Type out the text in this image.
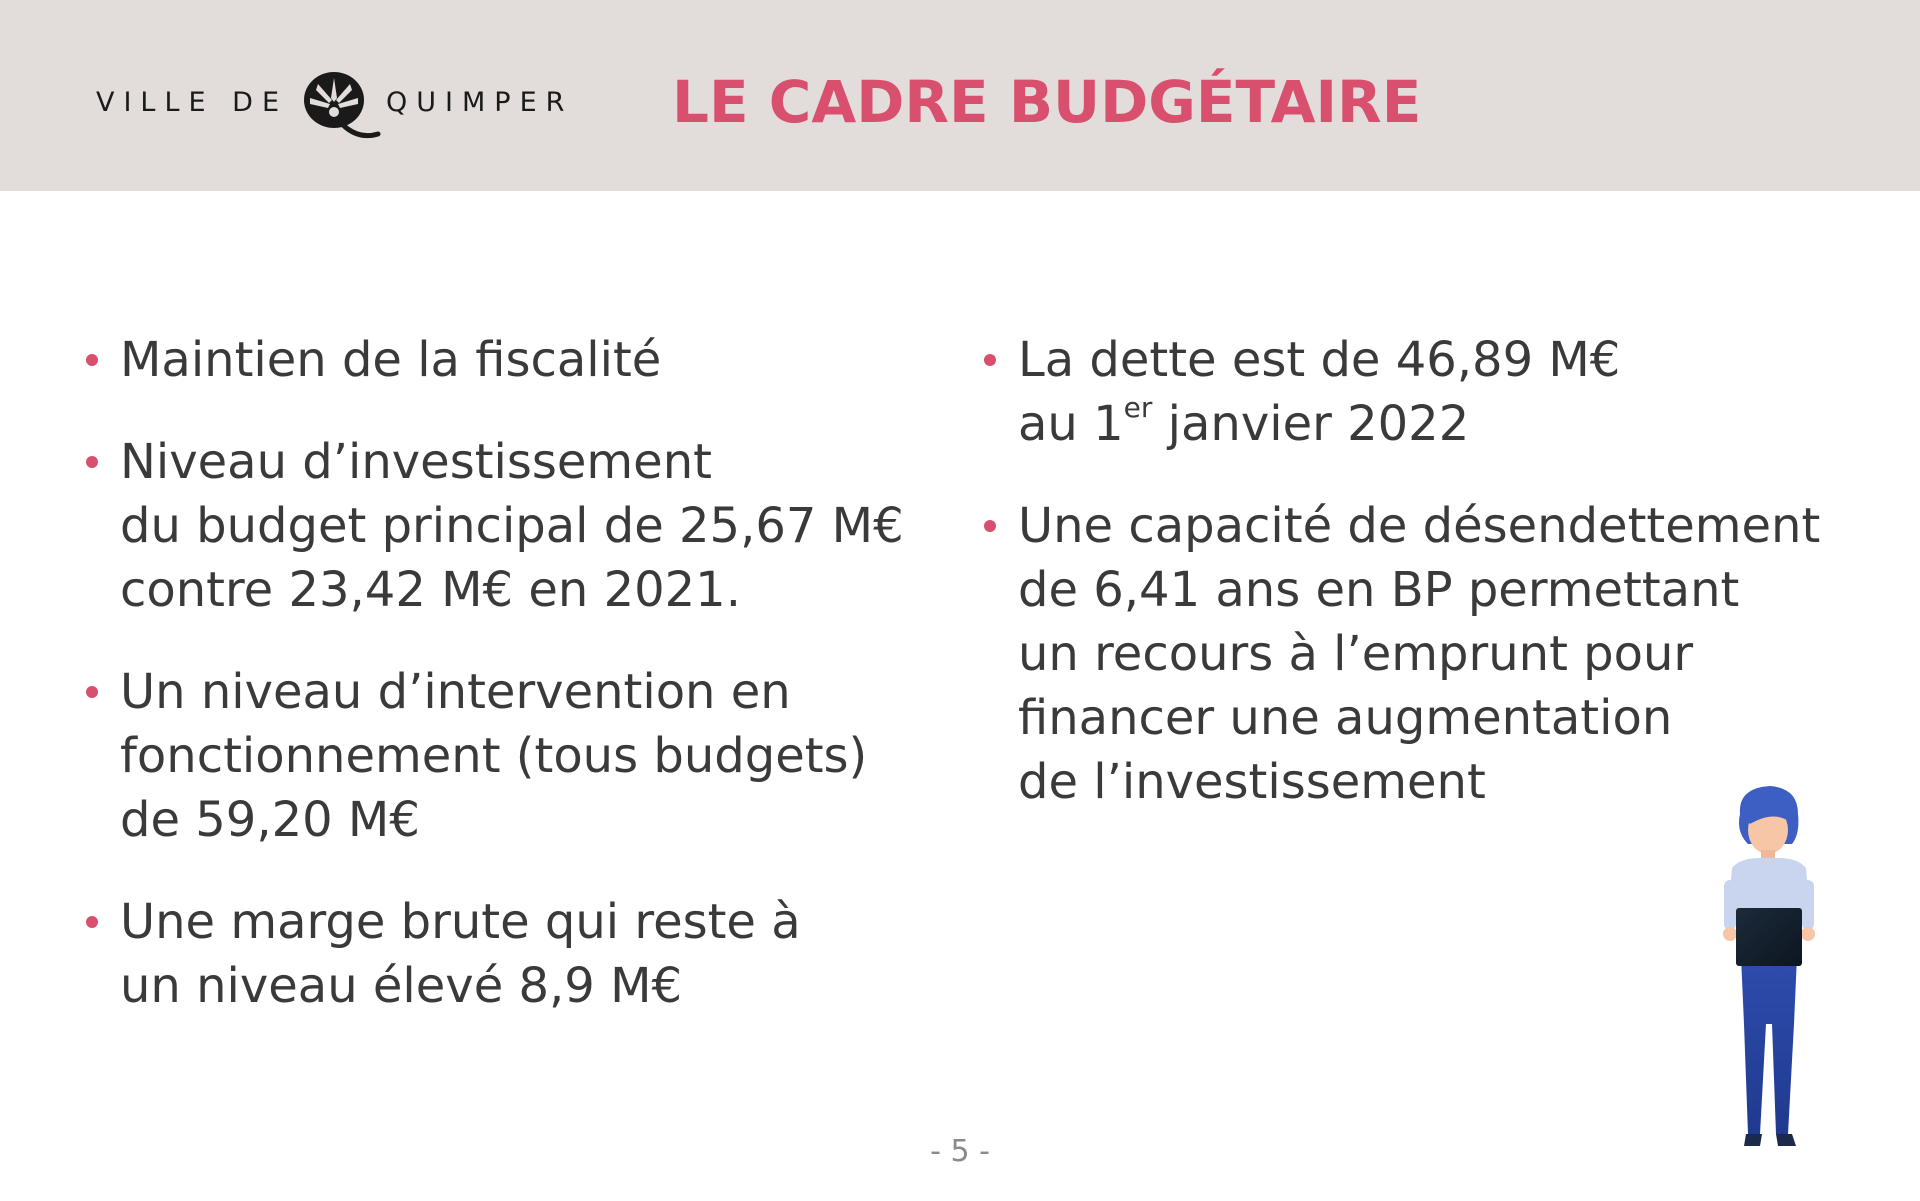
VILLE DE	QUIMPER LE CADRE BUDGÉTAIRE
Maintien de la fiscalité
Niveau d’investissement
du budget principal de 25,67 M€
contre 23,42 M€ en 2021.
Un niveau d’intervention en
fonctionnement (tous budgets)
de 59,20 M€
Une marge brute qui reste à
un niveau élevé 8,9 M€
La dette est de 46,89 M€
au 1er janvier 2022
Une capacité de désendettement
de 6,41 ans en BP permettant
un recours à l’emprunt pour
financer une augmentation
de l’investissement
- 5 -
